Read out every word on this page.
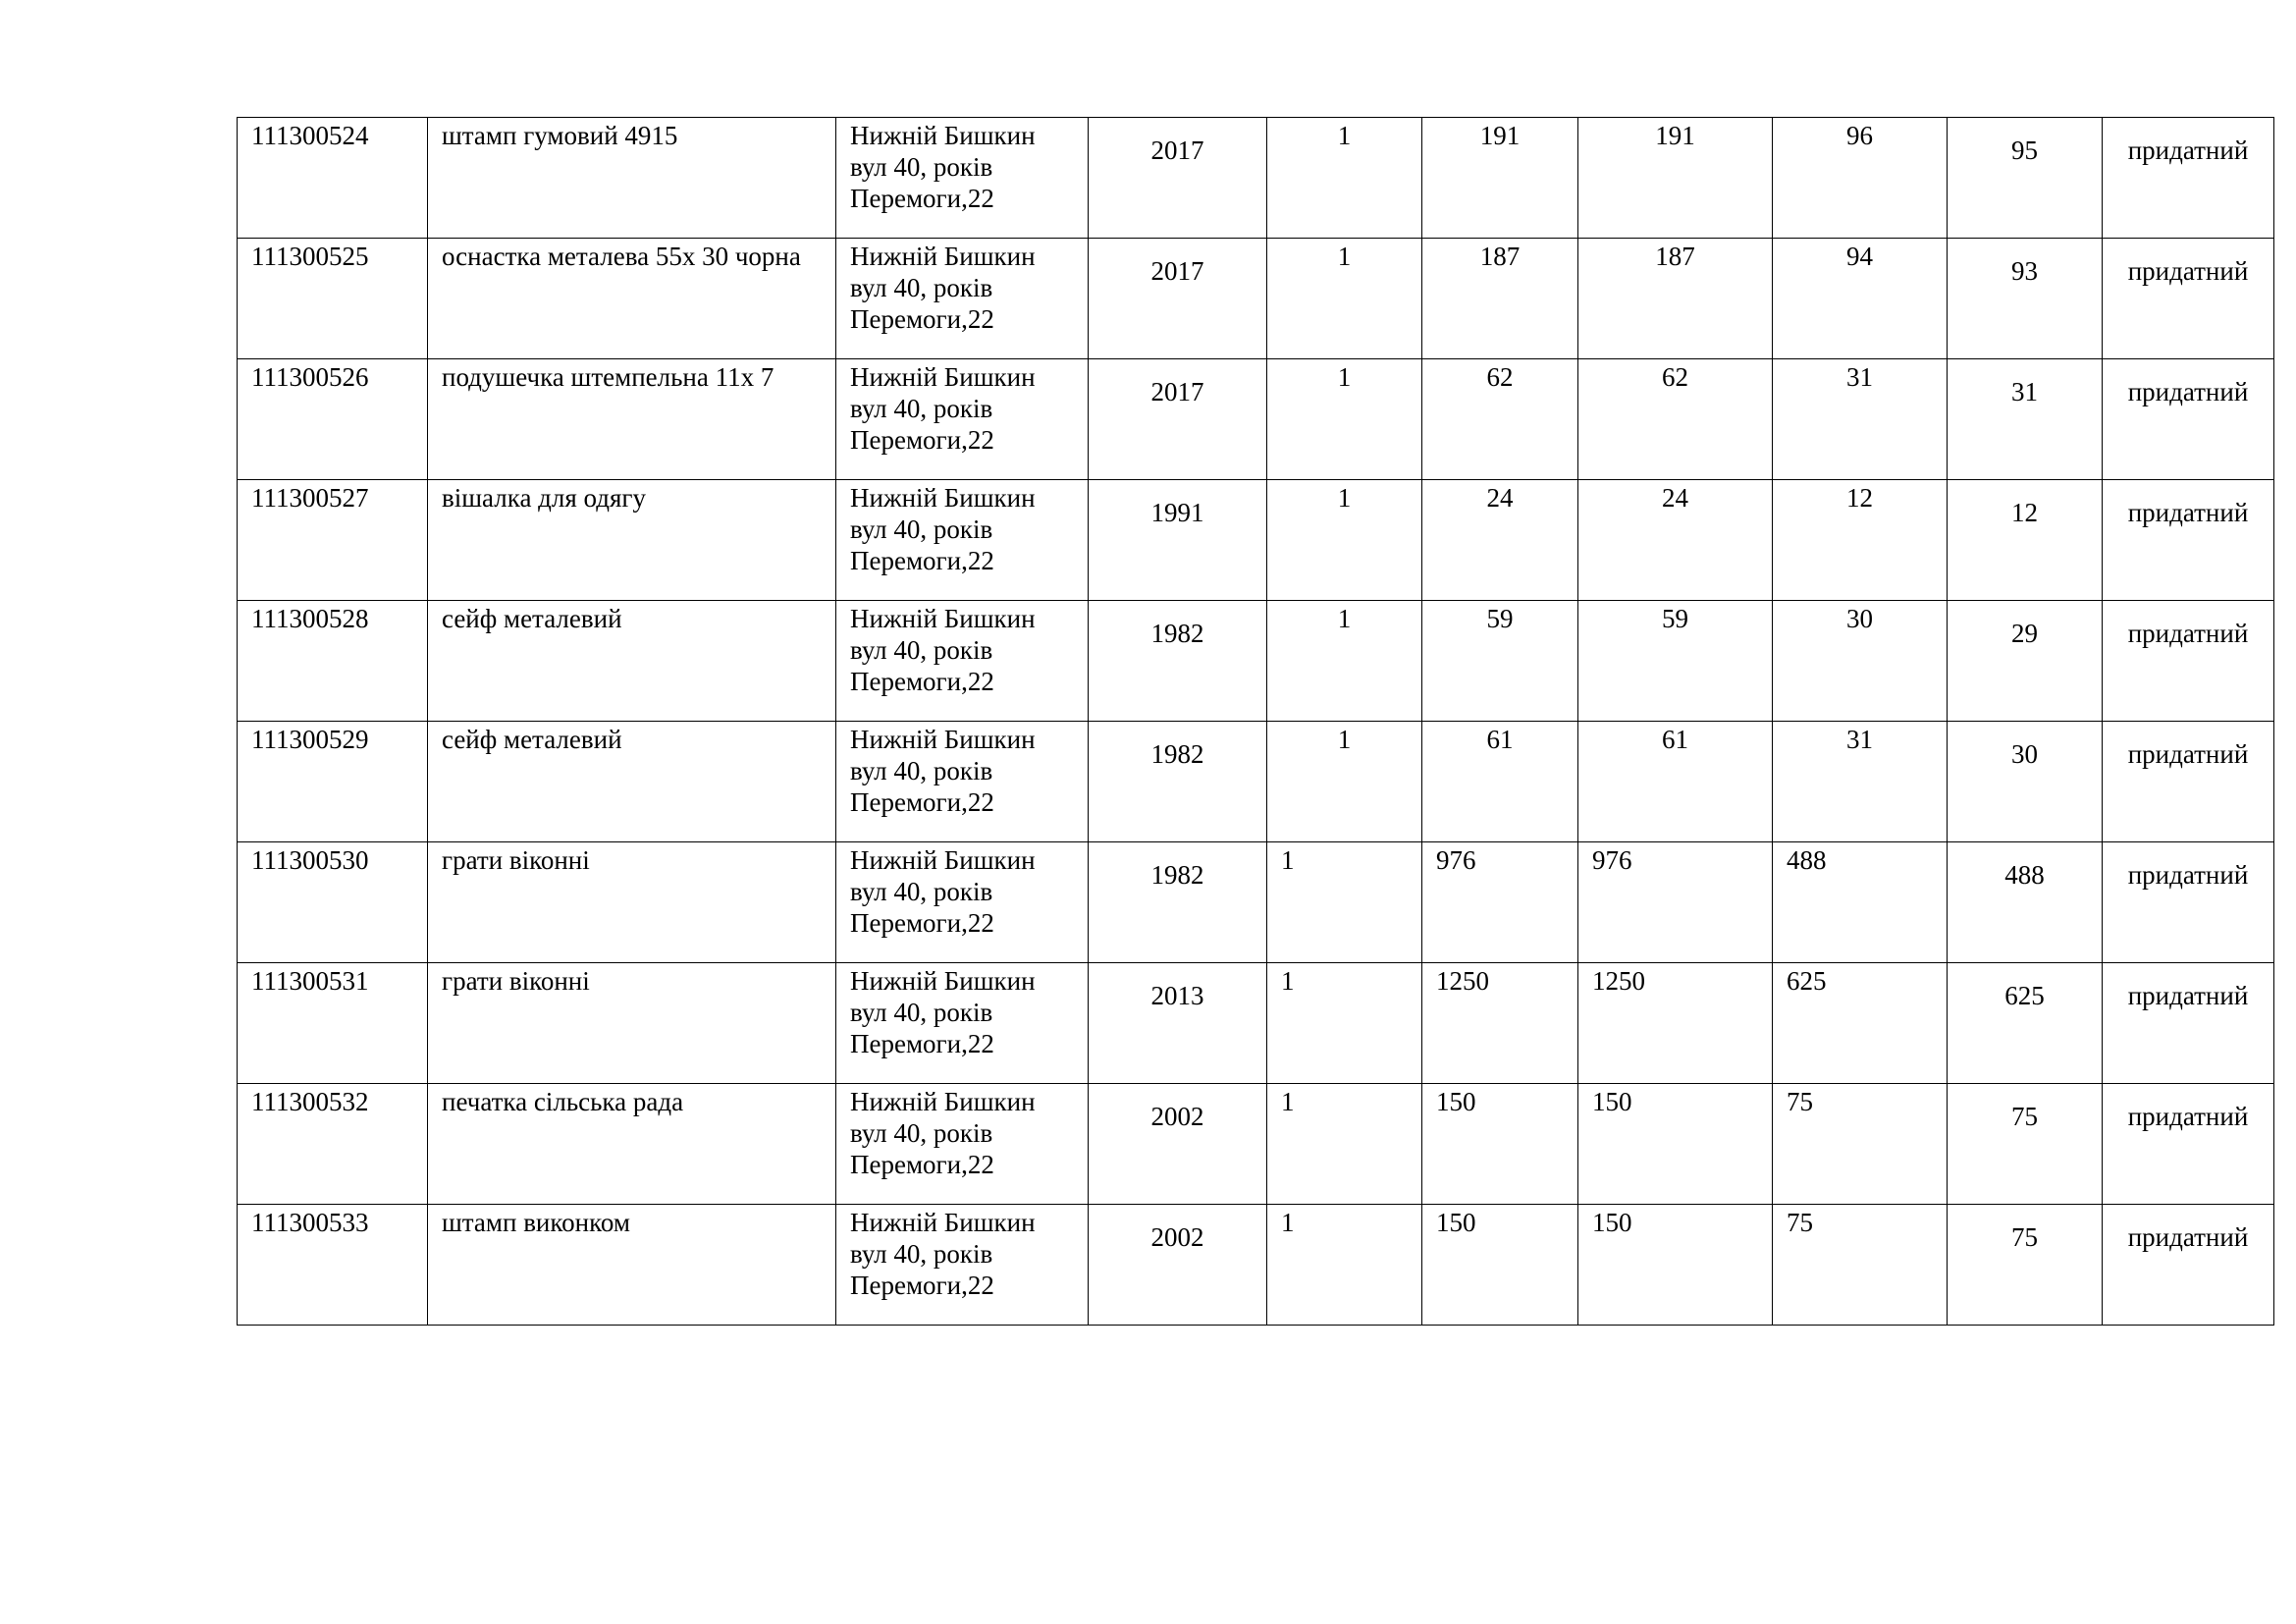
111300524	штамп гумовий 4915	Нижній Бишкин
вул 40, років
Перемоги,22	2017	1	191	191	96	95	придатний

111300525	оснастка металева 55х 30 чорна	Нижній Бишкин
вул 40, років
Перемоги,22	2017	1	187	187	94	93	придатний

111300526	подушечка штемпельна 11х 7	Нижній Бишкин
вул 40, років
Перемоги,22	2017	1	62	62	31	31	придатний

111300527	вішалка для одягу	Нижній Бишкин
вул 40, років
Перемоги,22	1991	1	24	24	12	12	придатний

111300528	сейф металевий	Нижній Бишкин
вул 40, років
Перемоги,22	1982	1	59	59	30	29	придатний

111300529	сейф металевий	Нижній Бишкин
вул 40, років
Перемоги,22	1982	1	61	61	31	30	придатний

111300530	грати віконні	Нижній Бишкин
вул 40, років
Перемоги,22	1982	1	976	976	488	488	придатний

111300531	грати віконні	Нижній Бишкин
вул 40, років
Перемоги,22	2013	1	1250	1250	625	625	придатний

111300532	печатка сільська рада	Нижній Бишкин
вул 40, років
Перемоги,22	2002	1	150	150	75	75	придатний

111300533	штамп виконком	Нижній Бишкин
вул 40, років
Перемоги,22	2002	1	150	150	75	75	придатний
